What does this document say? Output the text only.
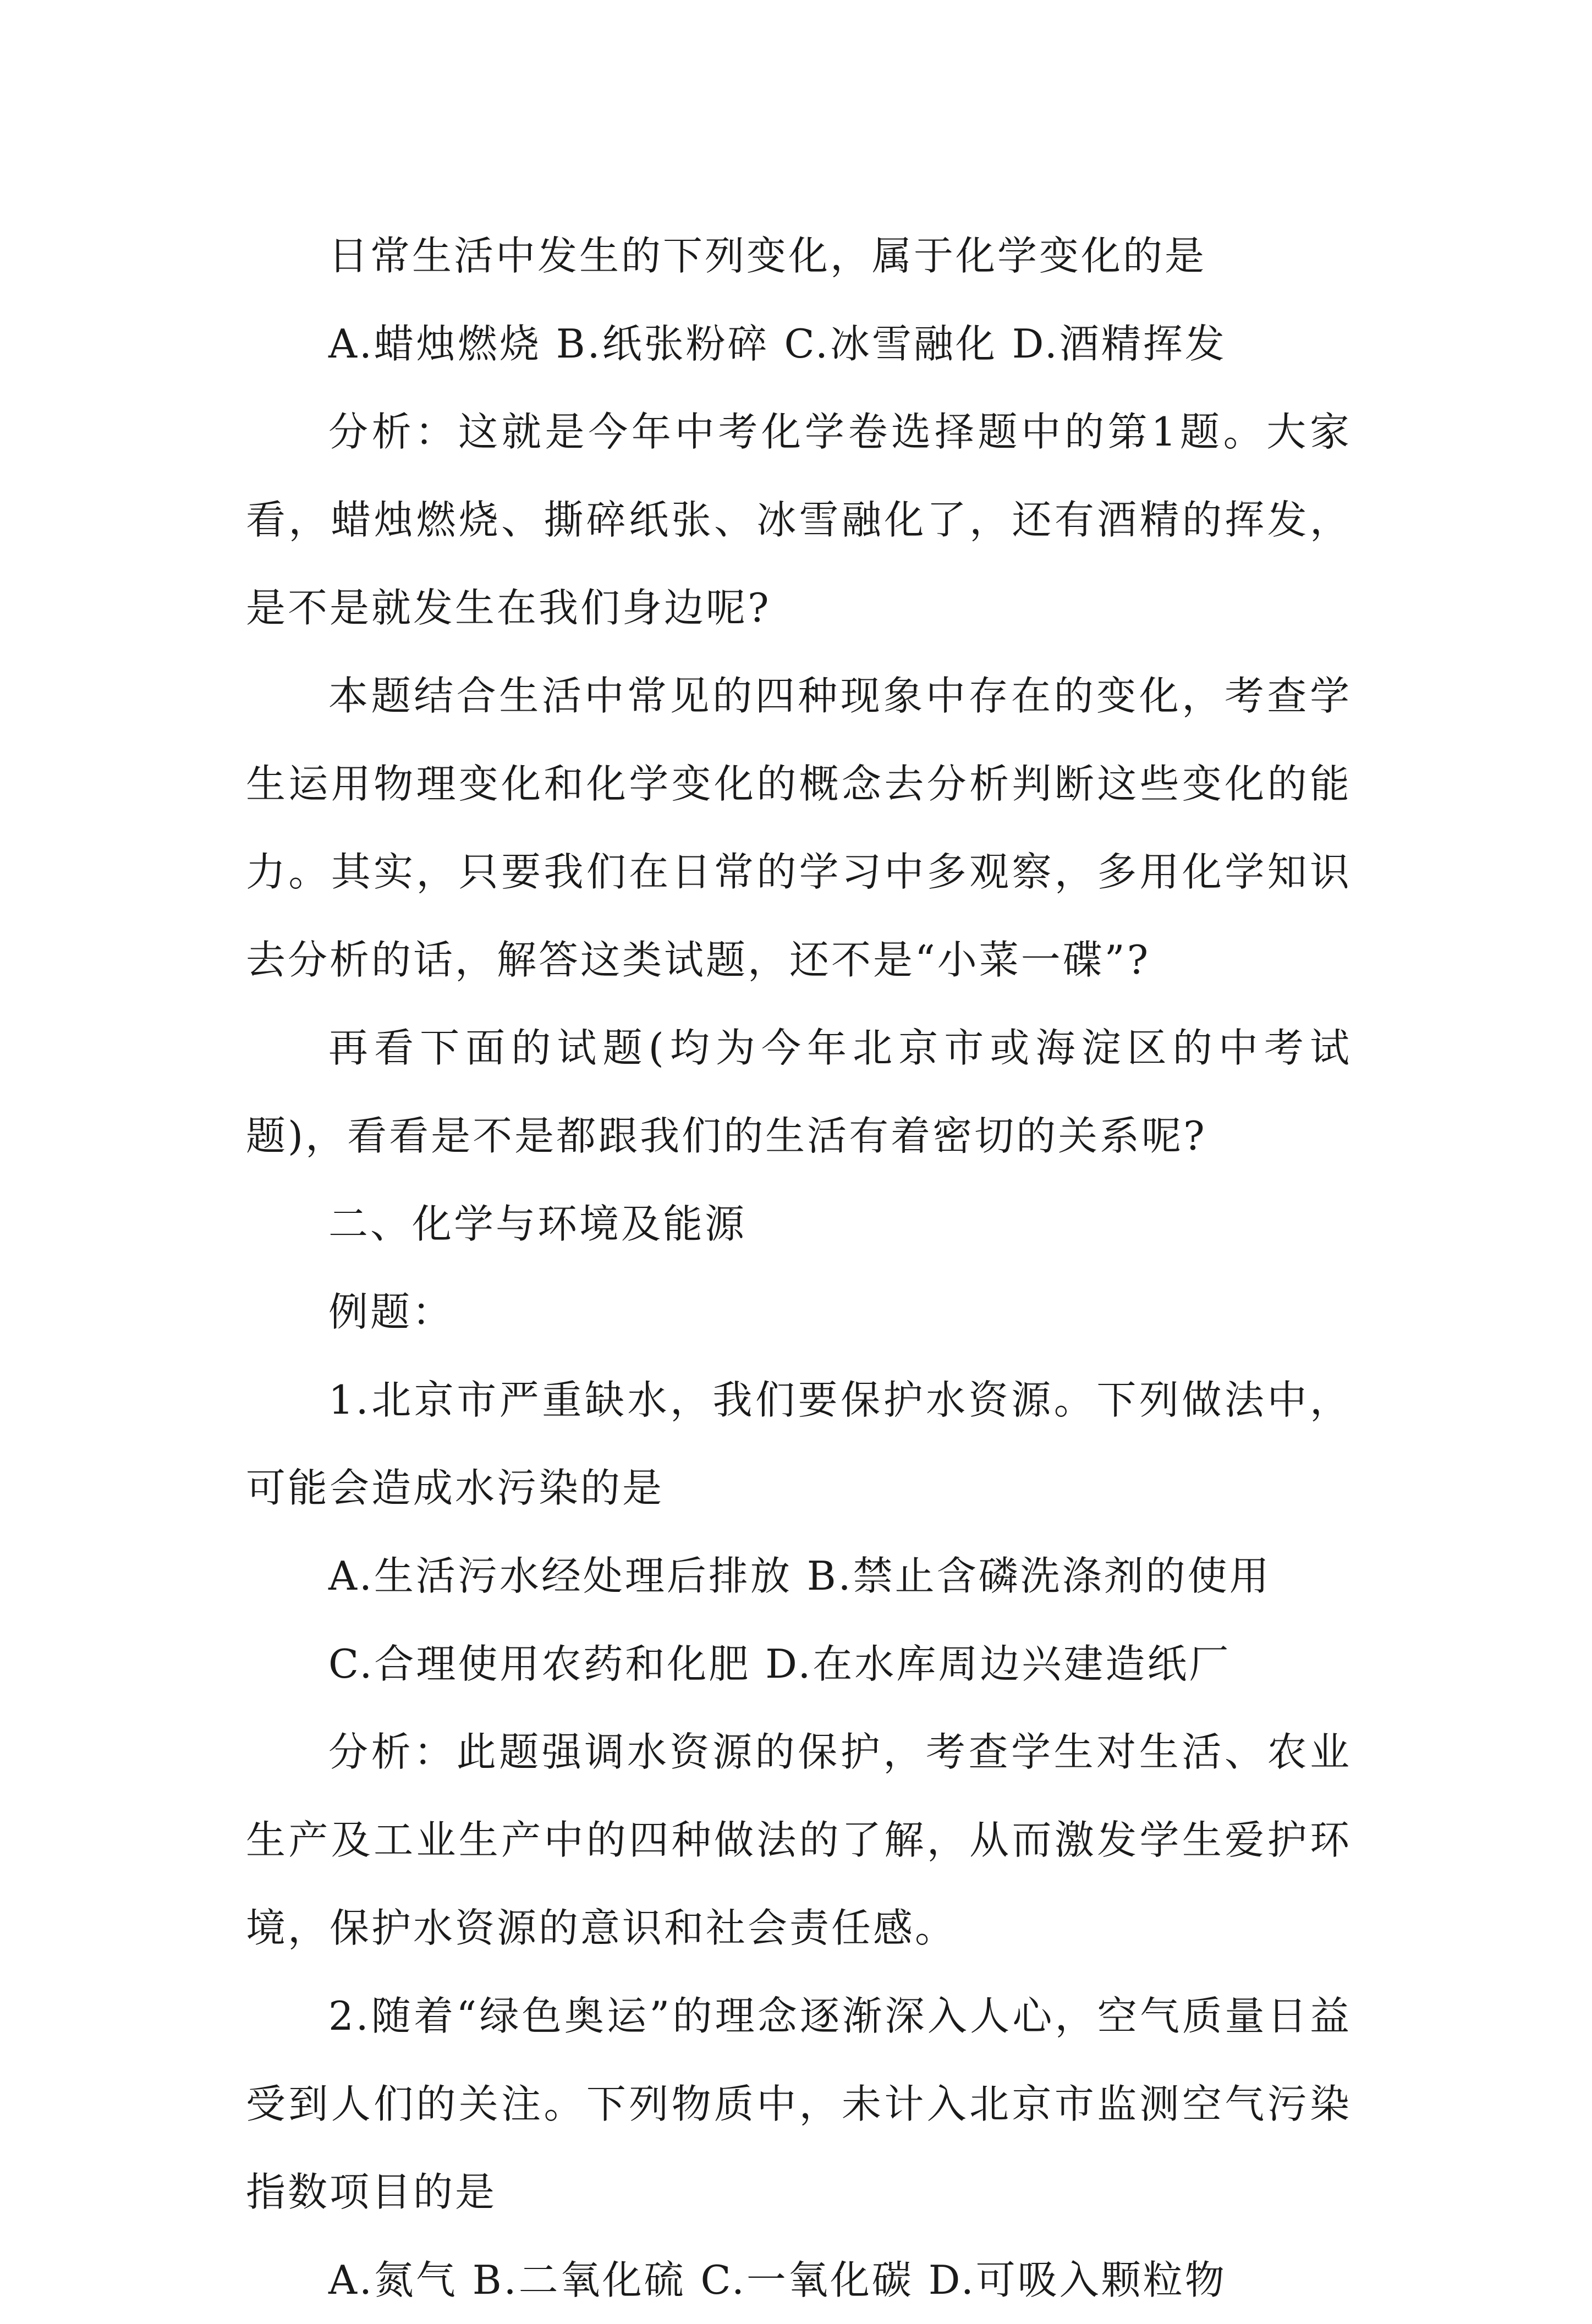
日常生活中发生的下列变化，属于化学变化的是

A.蜡烛燃烧 B.纸张粉碎 C.冰雪融化 D.酒精挥发

分析：这就是今年中考化学卷选择题中的第1题。大家看，蜡烛燃烧、撕碎纸张、冰雪融化了，还有酒精的挥发，是不是就发生在我们身边呢?

本题结合生活中常见的四种现象中存在的变化，考查学生运用物理变化和化学变化的概念去分析判断这些变化的能力。其实，只要我们在日常的学习中多观察，多用化学知识去分析的话，解答这类试题，还不是“小菜一碟”?

再看下面的试题(均为今年北京市或海淀区的中考试题)，看看是不是都跟我们的生活有着密切的关系呢?

二、化学与环境及能源

例题：

1.北京市严重缺水，我们要保护水资源。下列做法中，可能会造成水污染的是

A.生活污水经处理后排放 B.禁止含磷洗涤剂的使用

C.合理使用农药和化肥 D.在水库周边兴建造纸厂

分析：此题强调水资源的保护，考查学生对生活、农业生产及工业生产中的四种做法的了解，从而激发学生爱护环境，保护水资源的意识和社会责任感。

2.随着“绿色奥运”的理念逐渐深入人心，空气质量日益受到人们的关注。下列物质中，未计入北京市监测空气污染指数项目的是

A.氮气 B.二氧化硫 C.一氧化碳 D.可吸入颗粒物
